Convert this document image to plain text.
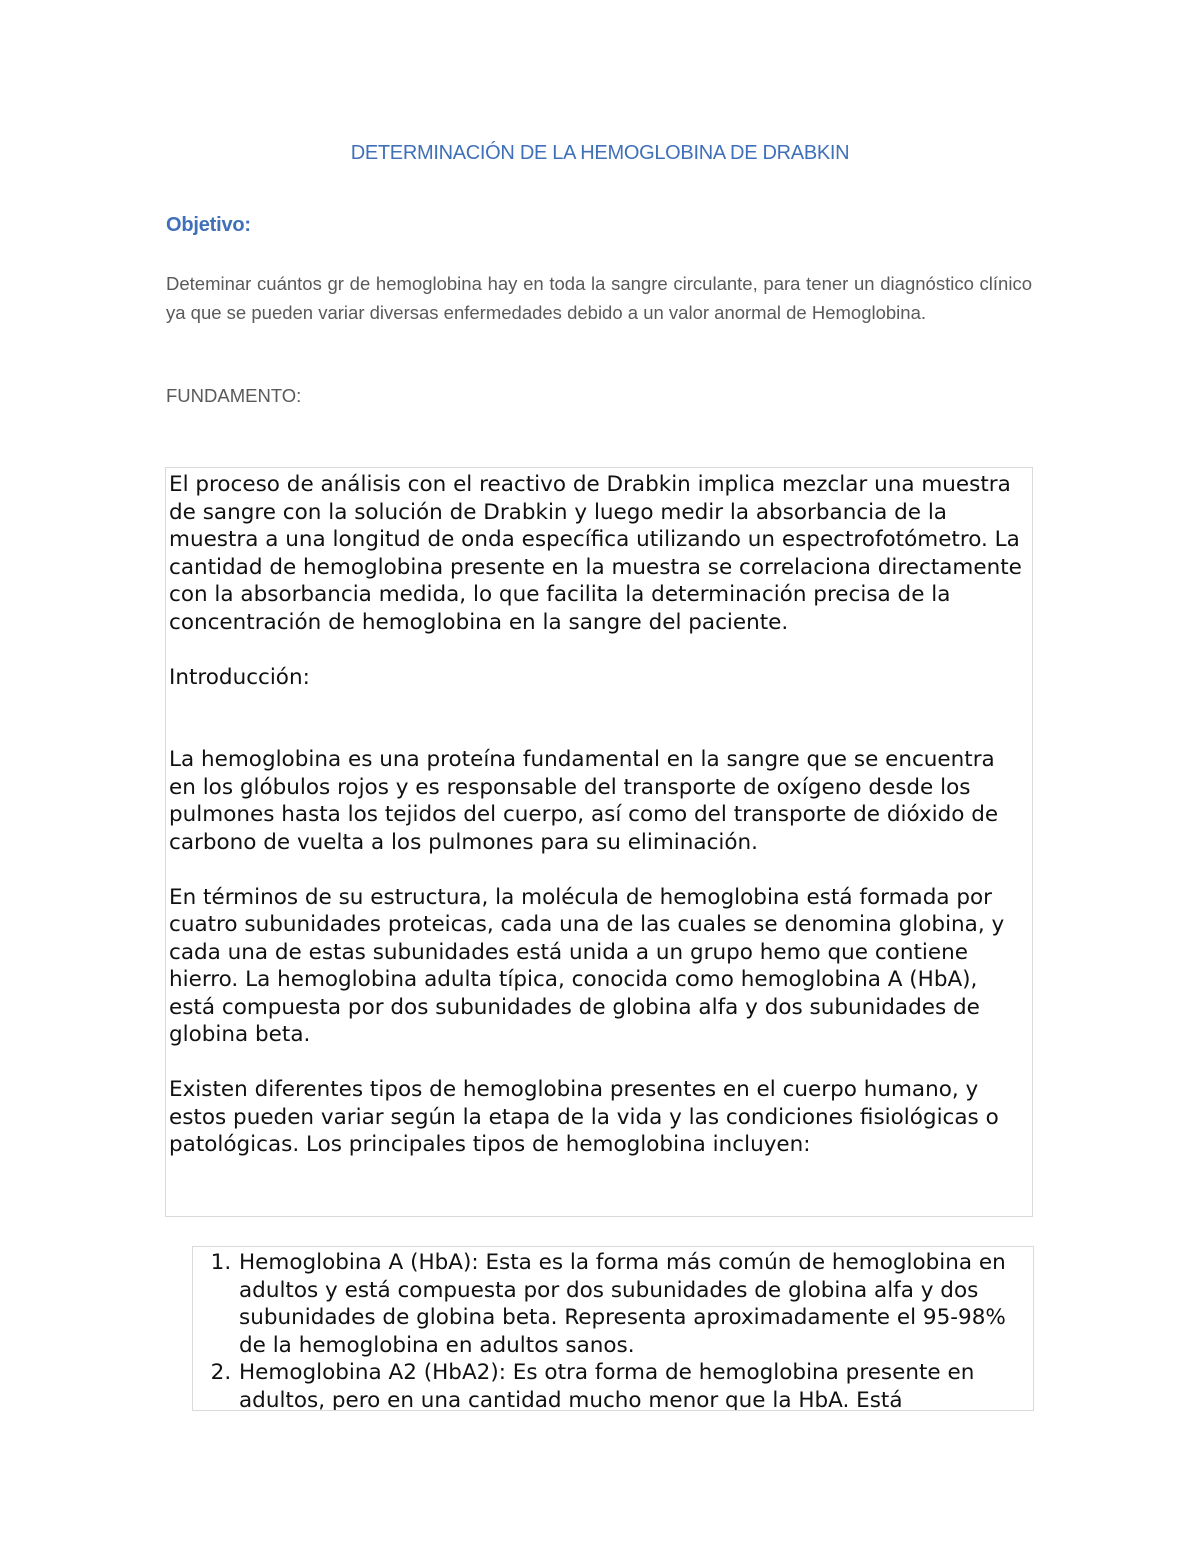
DETERMINACIÓN DE LA HEMOGLOBINA DE DRABKIN
Objetivo:
Deteminar cuántos gr de hemoglobina hay en toda la sangre circulante, para tener un diagnóstico clínico ya que se pueden variar diversas enfermedades debido a un valor anormal de Hemoglobina.
FUNDAMENTO:

El proceso de análisis con el reactivo de Drabkin implica mezclar una muestra de sangre con la solución de Drabkin y luego medir la absorbancia de la muestra a una longitud de onda específica utilizando un espectrofotómetro. La cantidad de hemoglobina presente en la muestra se correlaciona directamente con la absorbancia medida, lo que facilita la determinación precisa de la concentración de hemoglobina en la sangre del paciente.

Introducción:

La hemoglobina es una proteína fundamental en la sangre que se encuentra en los glóbulos rojos y es responsable del transporte de oxígeno desde los pulmones hasta los tejidos del cuerpo, así como del transporte de dióxido de carbono de vuelta a los pulmones para su eliminación.

En términos de su estructura, la molécula de hemoglobina está formada por cuatro subunidades proteicas, cada una de las cuales se denomina globina, y cada una de estas subunidades está unida a un grupo hemo que contiene hierro. La hemoglobina adulta típica, conocida como hemoglobina A (HbA), está compuesta por dos subunidades de globina alfa y dos subunidades de globina beta.

Existen diferentes tipos de hemoglobina presentes en el cuerpo humano, y estos pueden variar según la etapa de la vida y las condiciones fisiológicas o patológicas. Los principales tipos de hemoglobina incluyen:

1. Hemoglobina A (HbA): Esta es la forma más común de hemoglobina en adultos y está compuesta por dos subunidades de globina alfa y dos subunidades de globina beta. Representa aproximadamente el 95-98% de la hemoglobina en adultos sanos.
2. Hemoglobina A2 (HbA2): Es otra forma de hemoglobina presente en adultos, pero en una cantidad mucho menor que la HbA. Está
